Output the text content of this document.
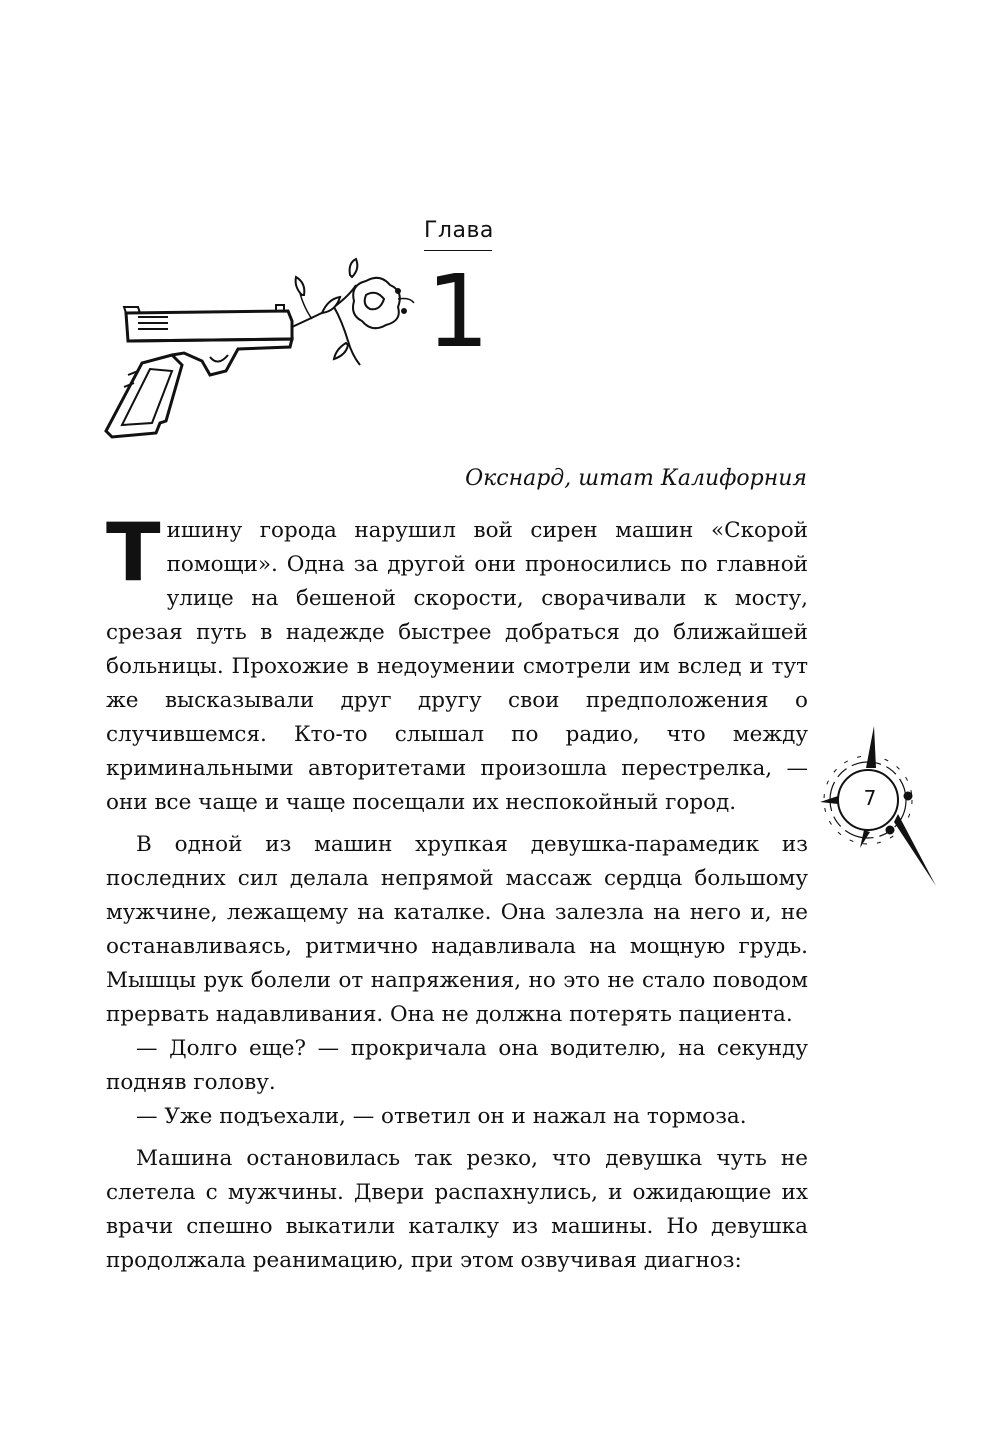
Глава
1
Окснард, штат Калифорния

Тишину города нарушил вой сирен машин «Скорой помощи». Одна за другой они проносились по главной улице на бешеной скорости, сворачивали к мосту, срезая путь в надежде быстрее добраться до ближайшей больницы. Прохожие в недоумении смотрели им вслед и тут же высказывали друг другу свои предположения о случившемся. Кто-то слышал по радио, что между криминальными авторитетами произошла перестрелка, — они все чаще и чаще посещали их неспокойный город.

В одной из машин хрупкая девушка-парамедик из последних сил делала непрямой массаж сердца большому мужчине, лежащему на каталке. Она залезла на него и, не останавливаясь, ритмично надавливала на мощную грудь. Мышцы рук болели от напряжения, но это не стало поводом прервать надавливания. Она не должна потерять пациента.

— Долго еще? — прокричала она водителю, на секунду подняв голову.

— Уже подъехали, — ответил он и нажал на тормоза.

Машина остановилась так резко, что девушка чуть не слетела с мужчины. Двери распахнулись, и ожидающие их врачи спешно выкатили каталку из машины. Но девушка продолжала реанимацию, при этом озвучивая диагноз:

7
